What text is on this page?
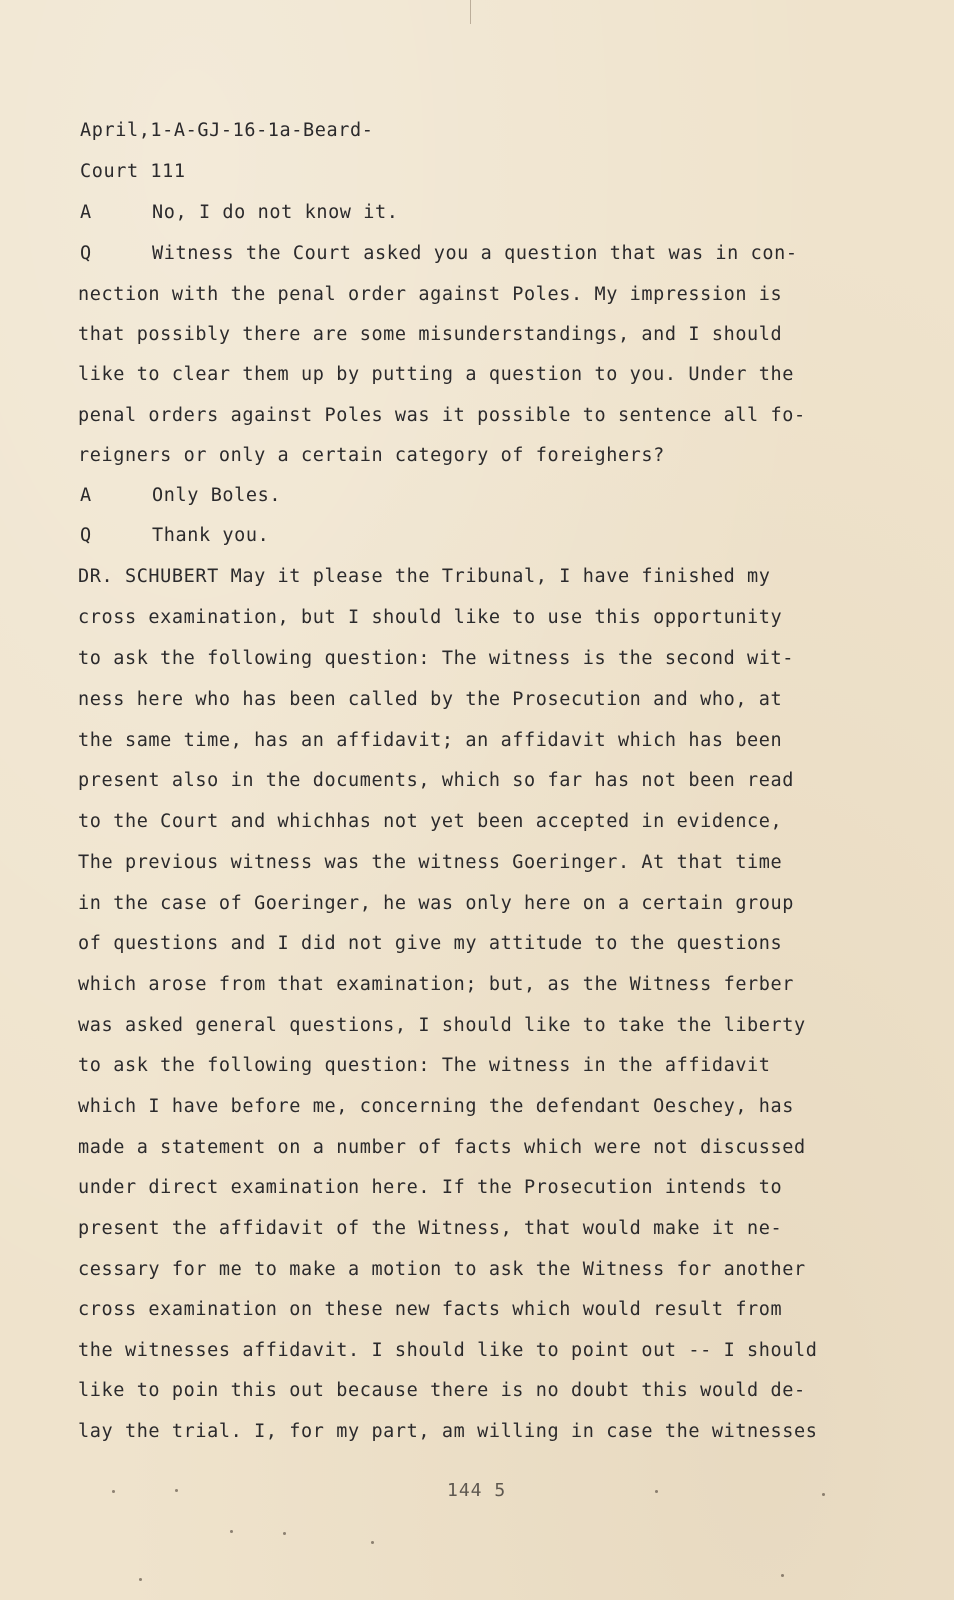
April,1-A-GJ-16-1a-Beard-
Court 111
A	No, I do not know it.
Q	Witness the Court asked you a question that was in con-
nection with the penal order against Poles. My impression is
that possibly there are some misunderstandings, and I should
like to clear them up by putting a question to you. Under the
penal orders against Poles was it possible to sentence all fo-
reigners or only a certain category of foreighers?
A	Only Boles.
Q	Thank you.
DR. SCHUBERT May it please the Tribunal, I have finished my
cross examination, but I should like to use this opportunity
to ask the following question: The witness is the second wit-
ness here who has been called by the Prosecution and who, at
the same time, has an affidavit; an affidavit which has been
present also in the documents, which so far has not been read
to the Court and whichhas not yet been accepted in evidence,
The previous witness was the witness Goeringer. At that time
in the case of Goeringer, he was only here on a certain group
of questions and I did not give my attitude to the questions
which arose from that examination; but, as the Witness ferber
was asked general questions, I should like to take the liberty
to ask the following question: The witness in the affidavit
which I have before me, concerning the defendant Oeschey, has
made a statement on a number of facts which were not discussed
under direct examination here. If the Prosecution intends to
present the affidavit of the Witness, that would make it ne-
cessary for me to make a motion to ask the Witness for another
cross examination on these new facts which would result from
the witnesses affidavit. I should like to point out -- I should
like to poin this out because there is no doubt this would de-
lay the trial. I, for my part, am willing in case the witnesses
144 5
